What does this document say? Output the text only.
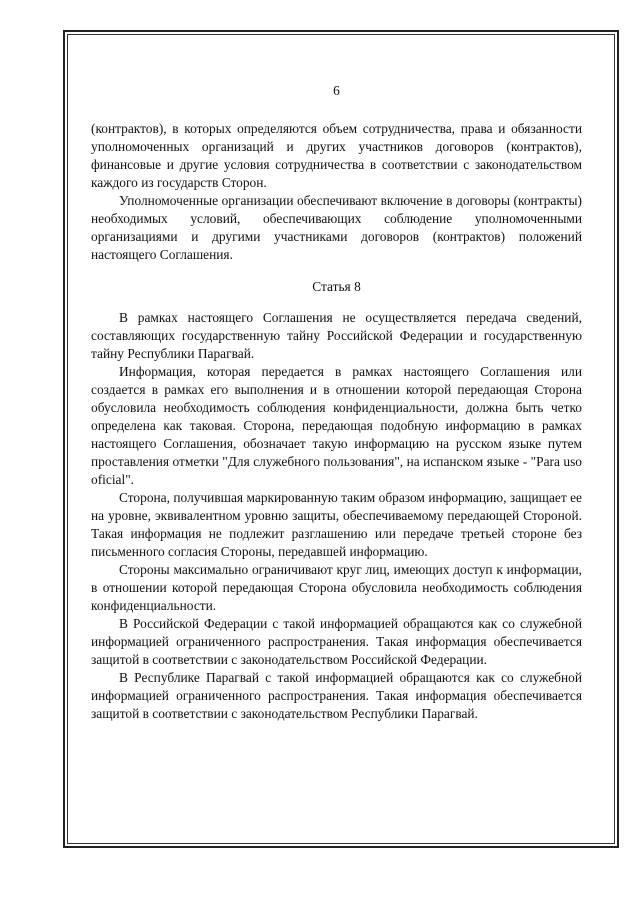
6

(контрактов), в которых определяются объем сотрудничества, права и обязанности уполномоченных организаций и других участников договоров (контрактов), финансовые и другие условия сотрудничества в соответствии с законодательством каждого из государств Сторон.

Уполномоченные организации обеспечивают включение в договоры (контракты) необходимых условий, обеспечивающих соблюдение уполномоченными организациями и другими участниками договоров (контрактов) положений настоящего Соглашения.

Статья 8

В рамках настоящего Соглашения не осуществляется передача сведений, составляющих государственную тайну Российской Федерации и государственную тайну Республики Парагвай.

Информация, которая передается в рамках настоящего Соглашения или создается в рамках его выполнения и в отношении которой передающая Сторона обусловила необходимость соблюдения конфиденциальности, должна быть четко определена как таковая. Сторона, передающая подобную информацию в рамках настоящего Соглашения, обозначает такую информацию на русском языке путем проставления отметки "Для служебного пользования", на испанском языке - "Para uso oficial".

Сторона, получившая маркированную таким образом информацию, защищает ее на уровне, эквивалентном уровню защиты, обеспечиваемому передающей Стороной. Такая информация не подлежит разглашению или передаче третьей стороне без письменного согласия Стороны, передавшей информацию.

Стороны максимально ограничивают круг лиц, имеющих доступ к информации, в отношении которой передающая Сторона обусловила необходимость соблюдения конфиденциальности.

В Российской Федерации с такой информацией обращаются как со служебной информацией ограниченного распространения. Такая информация обеспечивается защитой в соответствии с законодательством Российской Федерации.

В Республике Парагвай с такой информацией обращаются как со служебной информацией ограниченного распространения. Такая информация обеспечивается защитой в соответствии с законодательством Республики Парагвай.
